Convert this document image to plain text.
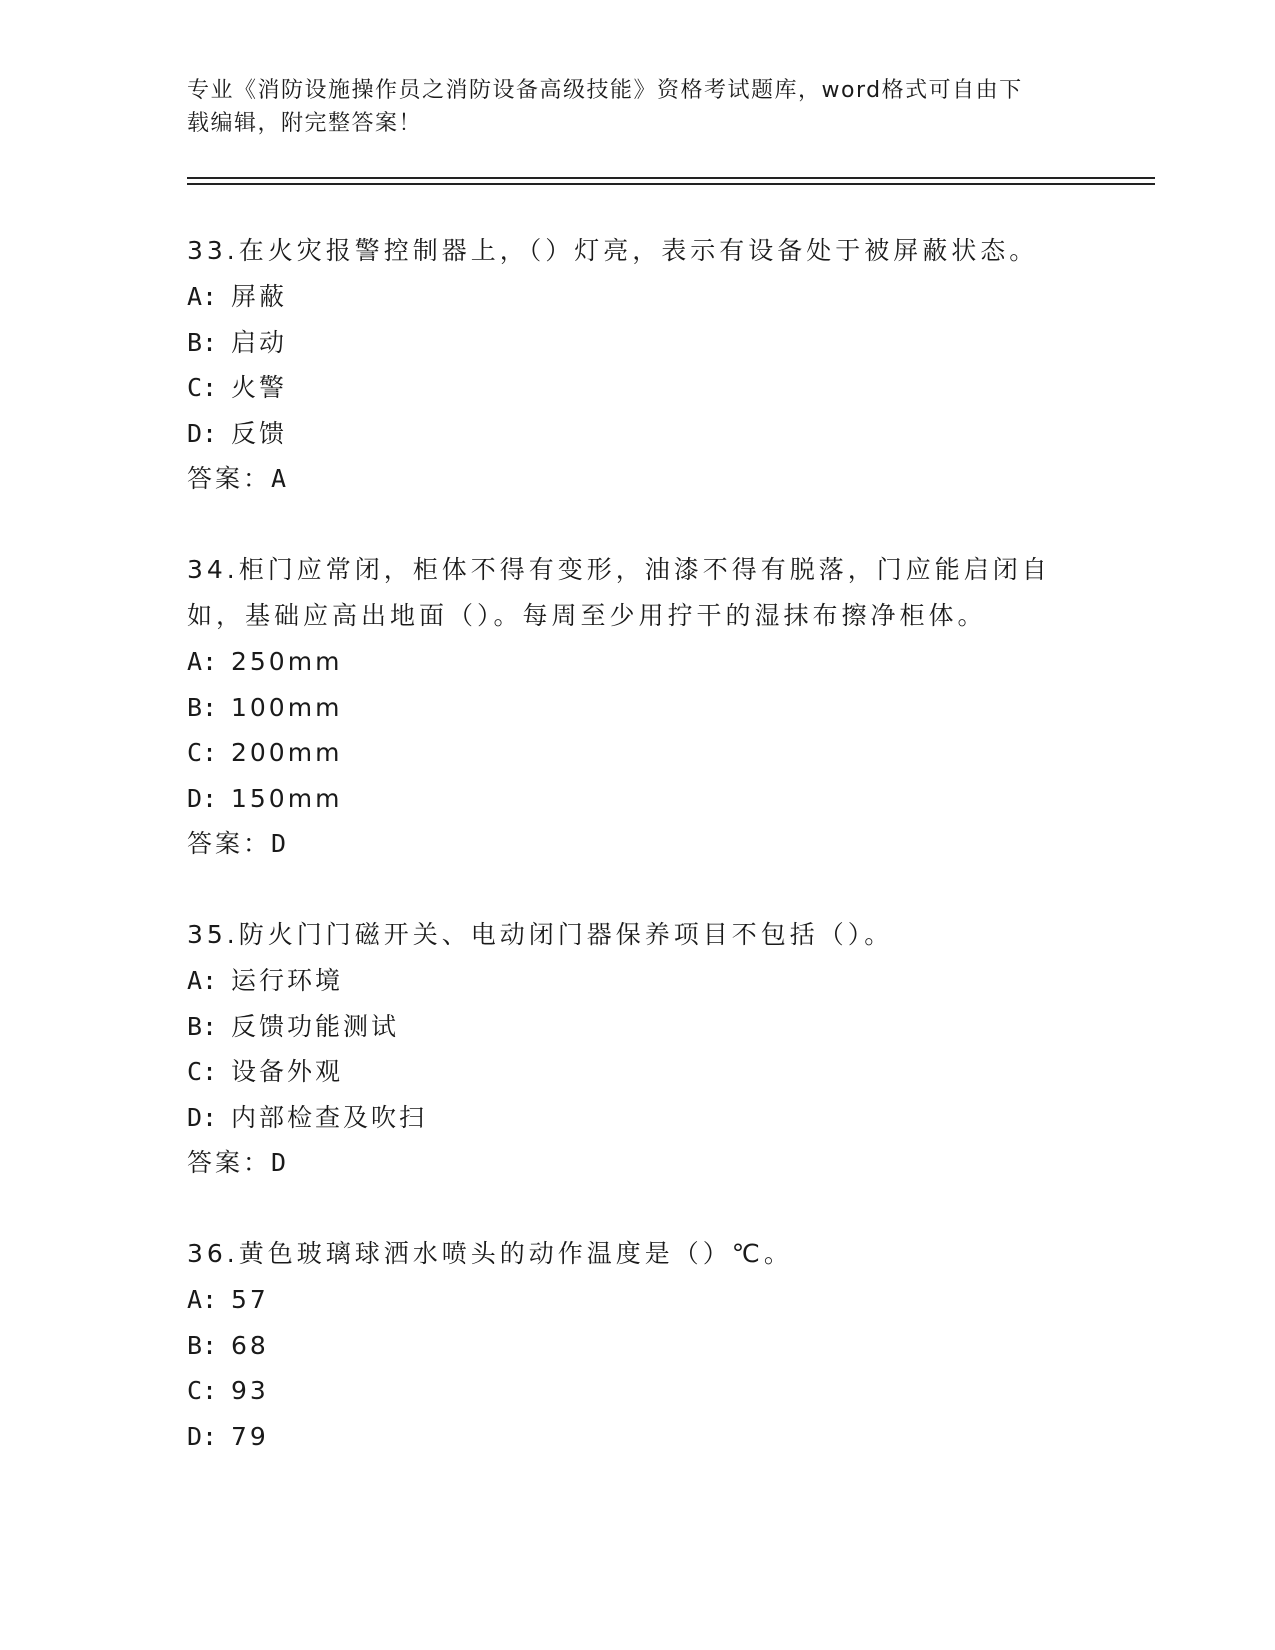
专业《消防设施操作员之消防设备高级技能》资格考试题库，word格式可自由下
载编辑，附完整答案！
33.在火灾报警控制器上，（）灯亮，表示有设备处于被屏蔽状态。
A: 屏蔽
B: 启动
C: 火警
D: 反馈
答案：A
34.柜门应常闭，柜体不得有变形，油漆不得有脱落，门应能启闭自如，基础应高出地面（）。每周至少用拧干的湿抹布擦净柜体。
A: 250mm
B: 100mm
C: 200mm
D: 150mm
答案：D
35.防火门门磁开关、电动闭门器保养项目不包括（）。
A: 运行环境
B: 反馈功能测试
C: 设备外观
D: 内部检查及吹扫
答案：D
36.黄色玻璃球洒水喷头的动作温度是（）℃。
A: 57
B: 68
C: 93
D: 79
